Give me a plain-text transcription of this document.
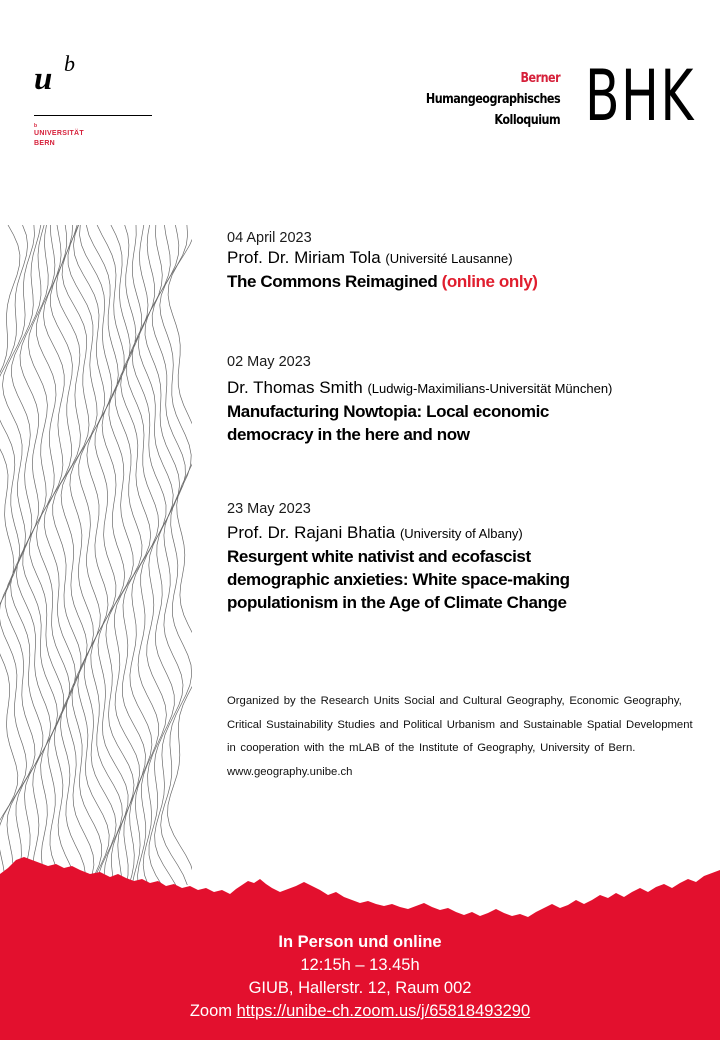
u b
b
UNIVERSITÄT
BERN
Berner
Humangeographisches
Kolloquium BHK
04 April 2023
Prof. Dr. Miriam Tola (Université Lausanne)
The Commons Reimagined (online only)
02 May 2023
Dr. Thomas Smith (Ludwig-Maximilians-Universität München)
Manufacturing Nowtopia: Local economic democracy in the here and now
23 May 2023
Prof. Dr. Rajani Bhatia (University of Albany)
Resurgent white nativist and ecofascist demographic anxieties: White space-making populationism in the Age of Climate Change
Organized by the Research Units Social and Cultural Geography, Economic Geography, Critical Sustainability Studies and Political Urbanism and Sustainable Spatial Development in cooperation with the mLAB of the Institute of Geography, University of Bern.
www.geography.unibe.ch
In Person und online
12:15h – 13.45h
GIUB, Hallerstr. 12, Raum 002
Zoom https://unibe-ch.zoom.us/j/65818493290
